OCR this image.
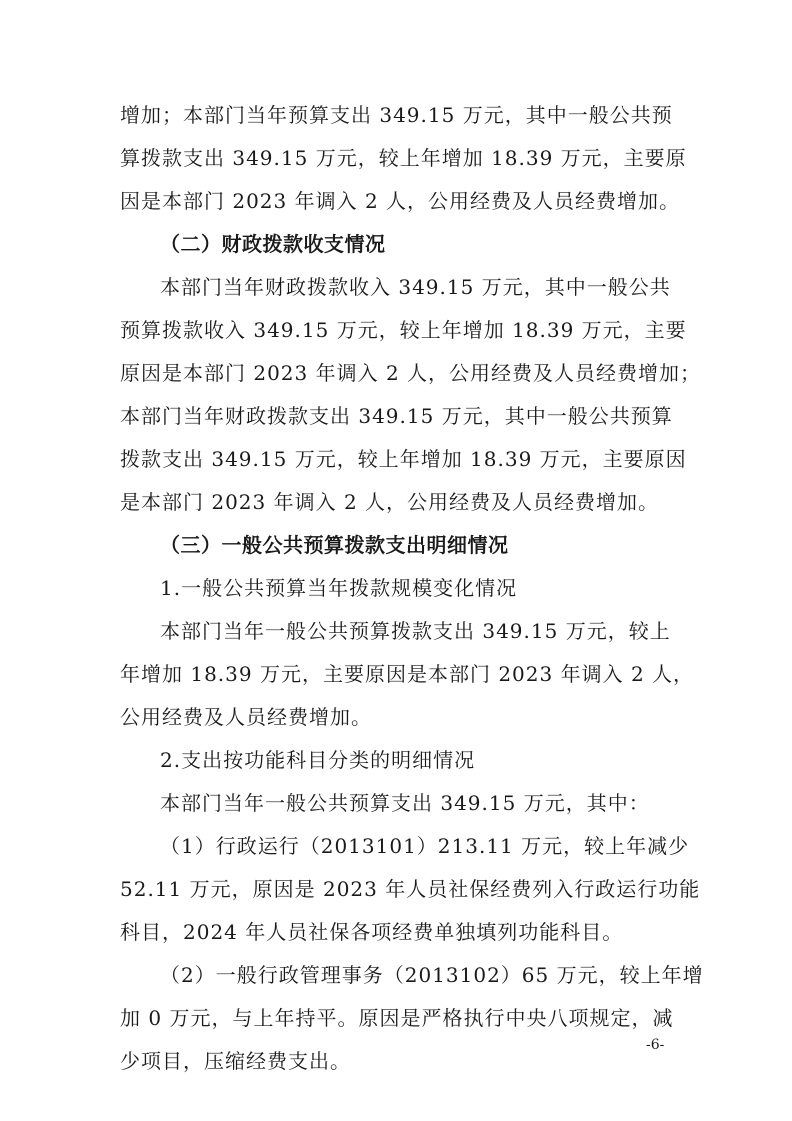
增加；本部门当年预算支出 349.15 万元，其中一般公共预
算拨款支出 349.15 万元，较上年增加 18.39 万元，主要原
因是本部门 2023 年调入 2 人，公用经费及人员经费增加。
（二）财政拨款收支情况
本部门当年财政拨款收入 349.15 万元，其中一般公共
预算拨款收入 349.15 万元，较上年增加 18.39 万元，主要
原因是本部门 2023 年调入 2 人，公用经费及人员经费增加；
本部门当年财政拨款支出 349.15 万元，其中一般公共预算
拨款支出 349.15 万元，较上年增加 18.39 万元，主要原因
是本部门 2023 年调入 2 人，公用经费及人员经费增加。
（三）一般公共预算拨款支出明细情况
1.一般公共预算当年拨款规模变化情况
本部门当年一般公共预算拨款支出 349.15 万元，较上
年增加 18.39 万元，主要原因是本部门 2023 年调入 2 人，
公用经费及人员经费增加。
2.支出按功能科目分类的明细情况
本部门当年一般公共预算支出 349.15 万元，其中：
（1）行政运行（2013101）213.11 万元，较上年减少
52.11 万元，原因是 2023 年人员社保经费列入行政运行功能
科目，2024 年人员社保各项经费单独填列功能科目。
（2）一般行政管理事务（2013102）65 万元，较上年增
加 0 万元，与上年持平。原因是严格执行中央八项规定，减
少项目，压缩经费支出。
-6-
